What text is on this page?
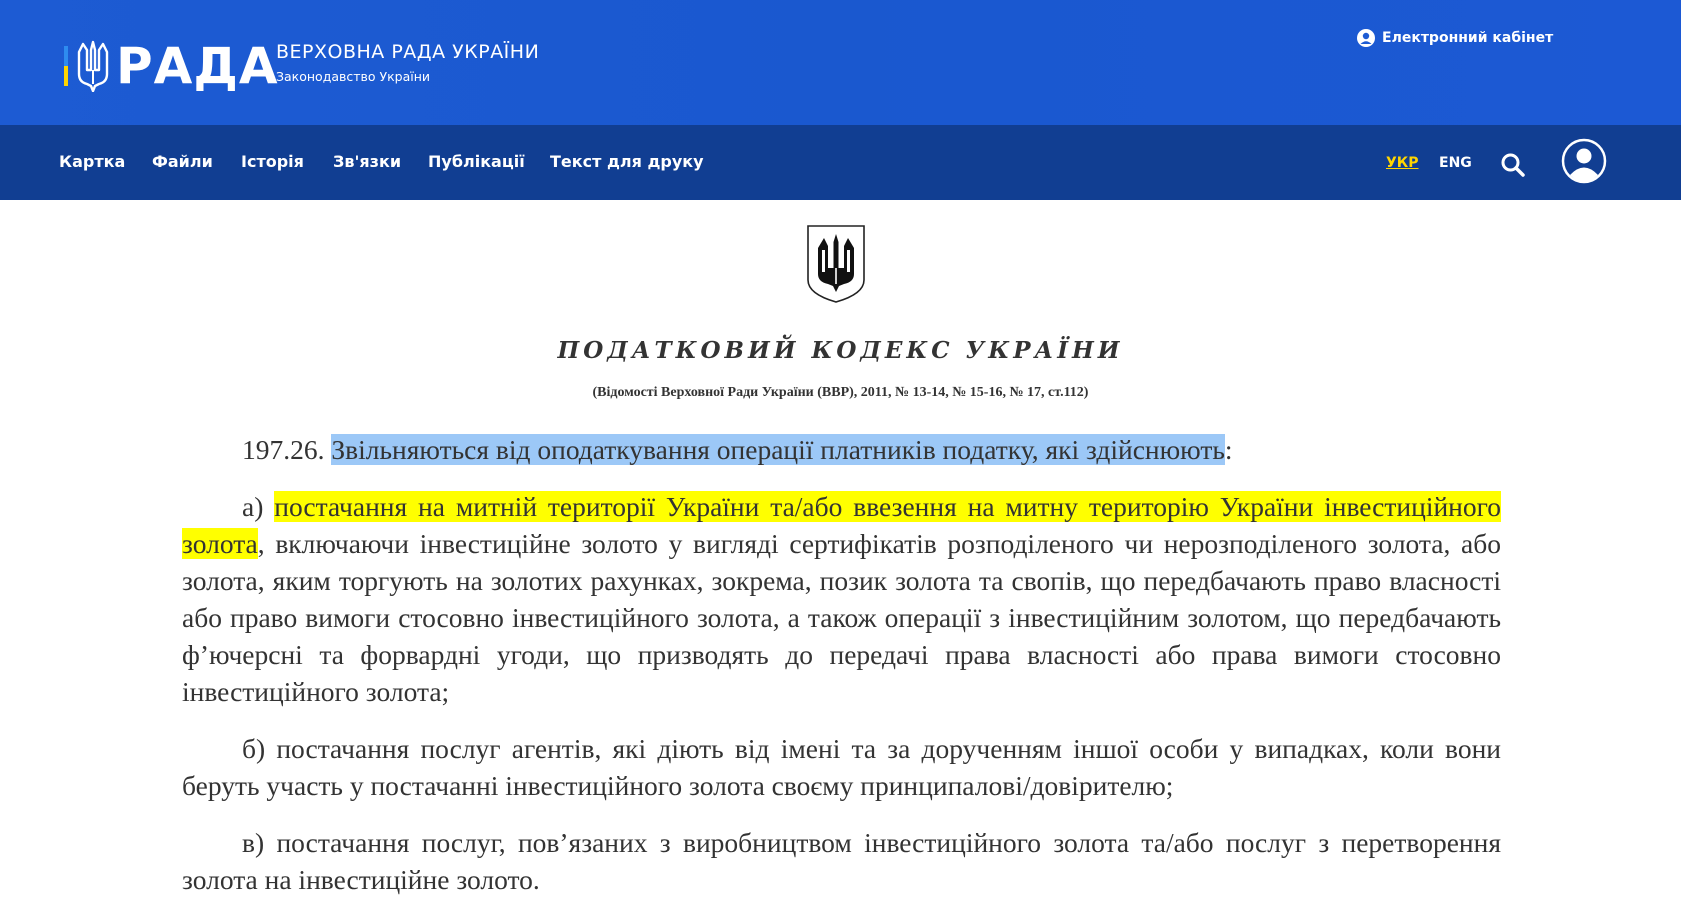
РАДА
ВЕРХОВНА РАДА УКРАЇНИ
Законодавство України
Електронний кабінет
Картка Файли Історія Зв'язки Публікації Текст для друку	УКР ENG
ПОДАТКОВИЙ КОДЕКС УКРАЇНИ
(Відомості Верховної Ради України (ВВР), 2011, № 13-14, № 15-16, № 17, ст.112)

197.26. Звільняються від оподаткування операції платників податку, які здійснюють:

а) постачання на митній території України та/або ввезення на митну територію України інвестиційного золота, включаючи інвестиційне золото у вигляді сертифікатів розподіленого чи нерозподіленого золота, або золота, яким торгують на золотих рахунках, зокрема, позик золота та свопів, що передбачають право власності або право вимоги стосовно інвестиційного золота, а також операції з інвестиційним золотом, що передбачають ф’ючерсні та форвардні угоди, що призводять до передачі права власності або права вимоги стосовно інвестиційного золота;

б) постачання послуг агентів, які діють від імені та за дорученням іншої особи у випадках, коли вони беруть участь у постачанні інвестиційного золота своєму принципалові/довірителю;

в) постачання послуг, пов’язаних з виробництвом інвестиційного золота та/або послуг з перетворення золота на інвестиційне золото.
